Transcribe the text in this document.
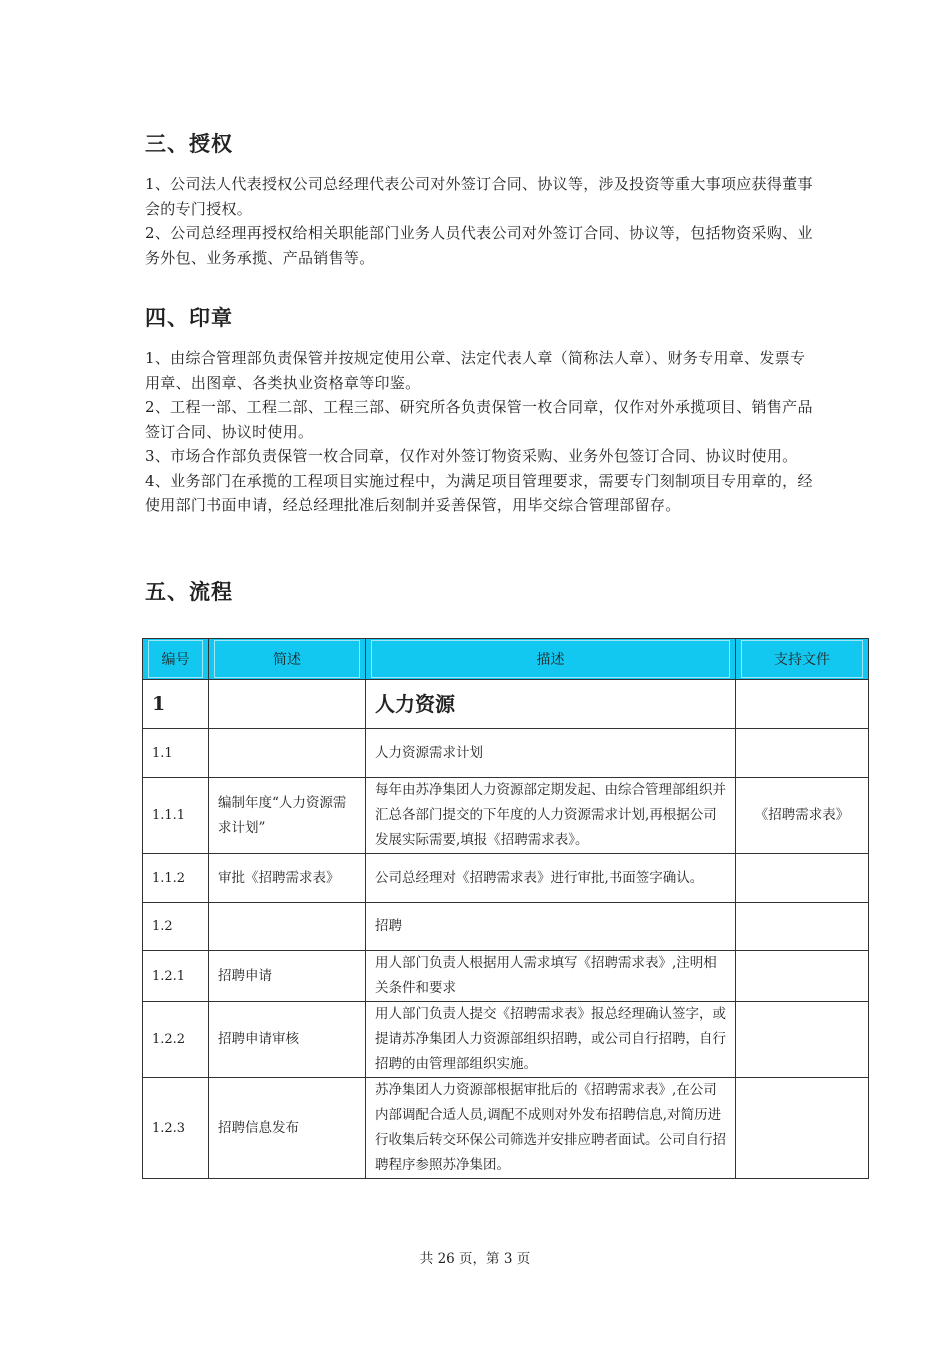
三、授权

1、公司法人代表授权公司总经理代表公司对外签订合同、协议等，涉及投资等重大事项应获得董事会的专门授权。

2、公司总经理再授权给相关职能部门业务人员代表公司对外签订合同、协议等，包括物资采购、业务外包、业务承揽、产品销售等。

四、印章

1、由综合管理部负责保管并按规定使用公章、法定代表人章（简称法人章）、财务专用章、发票专用章、出图章、各类执业资格章等印鉴。

2、工程一部、工程二部、工程三部、研究所各负责保管一枚合同章，仅作对外承揽项目、销售产品签订合同、协议时使用。

3、市场合作部负责保管一枚合同章，仅作对外签订物资采购、业务外包签订合同、协议时使用。

4、业务部门在承揽的工程项目实施过程中，为满足项目管理要求，需要专门刻制项目专用章的，经使用部门书面申请，经总经理批准后刻制并妥善保管，用毕交综合管理部留存。

五、流程
编号	简述	描述	支持文件

1		人力资源	
1.1		人力资源需求计划	
1.1.1	编制年度“人力资源需求计划”	每年由苏净集团人力资源部定期发起、由综合管理部组织并汇总各部门提交的下年度的人力资源需求计划,再根据公司发展实际需要,填报《招聘需求表》。	《招聘需求表》
1.1.2	审批《招聘需求表》	公司总经理对《招聘需求表》进行审批,书面签字确认。	
1.2		招聘	
1.2.1	招聘申请	用人部门负责人根据用人需求填写《招聘需求表》,注明相关条件和要求	
1.2.2	招聘申请审核	用人部门负责人提交《招聘需求表》报总经理确认签字，或提请苏净集团人力资源部组织招聘，或公司自行招聘，自行招聘的由管理部组织实施。	
1.2.3	招聘信息发布	苏净集团人力资源部根据审批后的《招聘需求表》,在公司内部调配合适人员,调配不成则对外发布招聘信息,对简历进行收集后转交环保公司筛选并安排应聘者面试。公司自行招聘程序参照苏净集团。	
共 26 页，第 3 页
